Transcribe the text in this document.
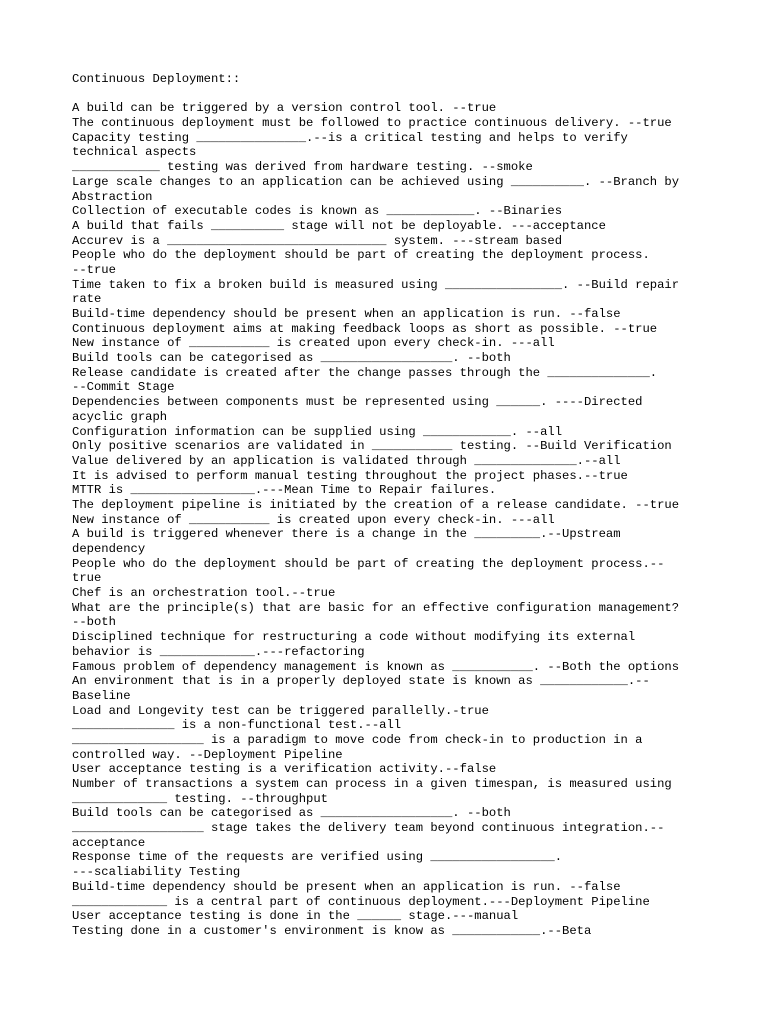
Continuous Deployment::
A build can be triggered by a version control tool. --true
The continuous deployment must be followed to practice continuous delivery. --true
Capacity testing _______________.--is a critical testing and helps to verify
technical aspects
____________ testing was derived from hardware testing. --smoke
Large scale changes to an application can be achieved using __________. --Branch by
Abstraction
Collection of executable codes is known as ____________. --Binaries
A build that fails __________ stage will not be deployable. ---acceptance
Accurev is a ______________________________ system. ---stream based
People who do the deployment should be part of creating the deployment process.
--true
Time taken to fix a broken build is measured using ________________. --Build repair
rate
Build-time dependency should be present when an application is run. --false
Continuous deployment aims at making feedback loops as short as possible. --true
New instance of ___________ is created upon every check-in. ---all
Build tools can be categorised as __________________. --both
Release candidate is created after the change passes through the ______________.
--Commit Stage
Dependencies between components must be represented using ______. ----Directed
acyclic graph
Configuration information can be supplied using ____________. --all
Only positive scenarios are validated in ___________ testing. --Build Verification
Value delivered by an application is validated through ______________.--all
It is advised to perform manual testing throughout the project phases.--true
MTTR is _________________.---Mean Time to Repair failures.
The deployment pipeline is initiated by the creation of a release candidate. --true
New instance of ___________ is created upon every check-in. ---all
A build is triggered whenever there is a change in the _________.--Upstream
dependency
People who do the deployment should be part of creating the deployment process.--
true
Chef is an orchestration tool.--true
What are the principle(s) that are basic for an effective configuration management?
--both
Disciplined technique for restructuring a code without modifying its external
behavior is _____________.---refactoring
Famous problem of dependency management is known as ___________. --Both the options
An environment that is in a properly deployed state is known as ____________.--
Baseline
Load and Longevity test can be triggered parallelly.-true
______________ is a non-functional test.--all
__________________ is a paradigm to move code from check-in to production in a
controlled way. --Deployment Pipeline
User acceptance testing is a verification activity.--false
Number of transactions a system can process in a given timespan, is measured using
_____________ testing. --throughput
Build tools can be categorised as __________________. --both
__________________ stage takes the delivery team beyond continuous integration.--
acceptance
Response time of the requests are verified using _________________.
---scaliability Testing
Build-time dependency should be present when an application is run. --false
_____________ is a central part of continuous deployment.---Deployment Pipeline
User acceptance testing is done in the ______ stage.---manual
Testing done in a customer's environment is know as ____________.--Beta
